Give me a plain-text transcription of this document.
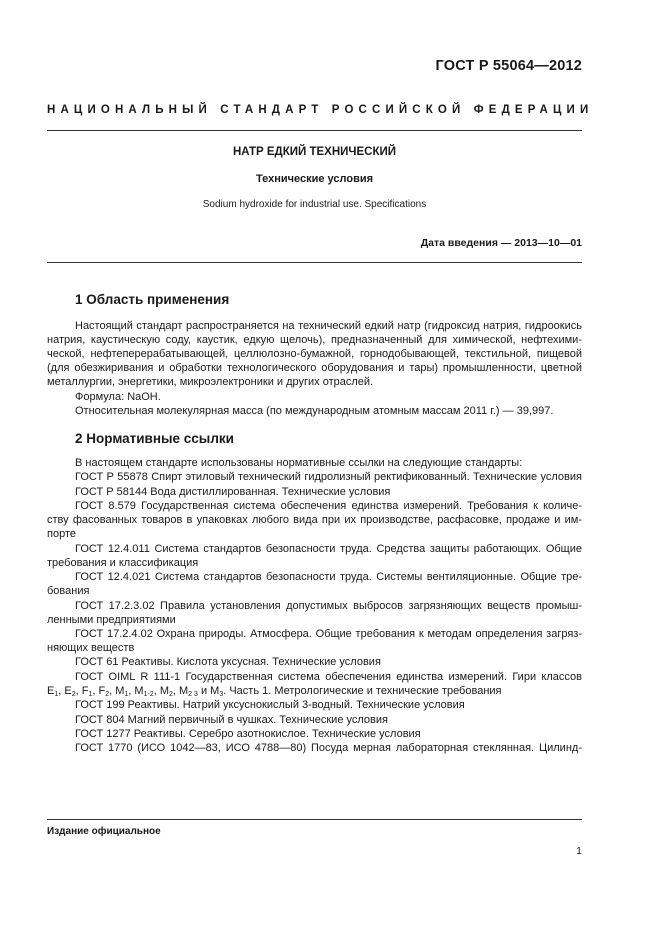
ГОСТ Р 55064—2012
НАЦИОНАЛЬНЫЙ СТАНДАРТ РОССИЙСКОЙ ФЕДЕРАЦИИ
НАТР ЕДКИЙ ТЕХНИЧЕСКИЙ
Технические условия
Sodium hydroxide for industrial use. Specifications
Дата введения — 2013—10—01
1 Область применения
Настоящий стандарт распространяется на технический едкий натр (гидроксид натрия, гидроокись
натрия, каустическую соду, каустик, едкую щелочь), предназначенный для химической, нефтехими-
ческой, нефтеперерабатывающей, целлюлозно-бумажной, горнодобывающей, текстильной, пищевой
(для обезжиривания и обработки технологического оборудования и тары) промышленности, цветной
металлургии, энергетики, микроэлектроники и других отраслей.
Формула: NaOH.
Относительная молекулярная масса (по международным атомным массам 2011 г.) — 39,997.
2 Нормативные ссылки
В настоящем стандарте использованы нормативные ссылки на следующие стандарты:
ГОСТ Р 55878 Спирт этиловый технический гидролизный ректификованный. Технические условия
ГОСТ Р 58144 Вода дистиллированная. Технические условия
ГОСТ 8.579 Государственная система обеспечения единства измерений. Требования к количе-
ству фасованных товаров в упаковках любого вида при их производстве, расфасовке, продаже и им-
порте
ГОСТ 12.4.011 Система стандартов безопасности труда. Средства защиты работающих. Общие
требования и классификация
ГОСТ 12.4.021 Система стандартов безопасности труда. Системы вентиляционные. Общие тре-
бования
ГОСТ 17.2.3.02 Правила установления допустимых выбросов загрязняющих веществ промыш-
ленными предприятиями
ГОСТ 17.2.4.02 Охрана природы. Атмосфера. Общие требования к методам определения загряз-
няющих веществ
ГОСТ 61 Реактивы. Кислота уксусная. Технические условия
ГОСТ OIML R 111-1 Государственная система обеспечения единства измерений. Гири классов
$E_1$, $E_2$, $F_1$, $F_2$, $M_1$, $M_{1-2}$, $M_2$, $M_{2 3}$ и $M_3$. Часть 1. Метрологические и технические требования
ГОСТ 199 Реактивы. Натрий уксуснокислый 3-водный. Технические условия
ГОСТ 804 Магний первичный в чушках. Технические условия
ГОСТ 1277 Реактивы. Серебро азотнокислое. Технические условия
ГОСТ 1770 (ИСО 1042—83, ИСО 4788—80) Посуда мерная лабораторная стеклянная. Цилинд-
Издание официальное
1
